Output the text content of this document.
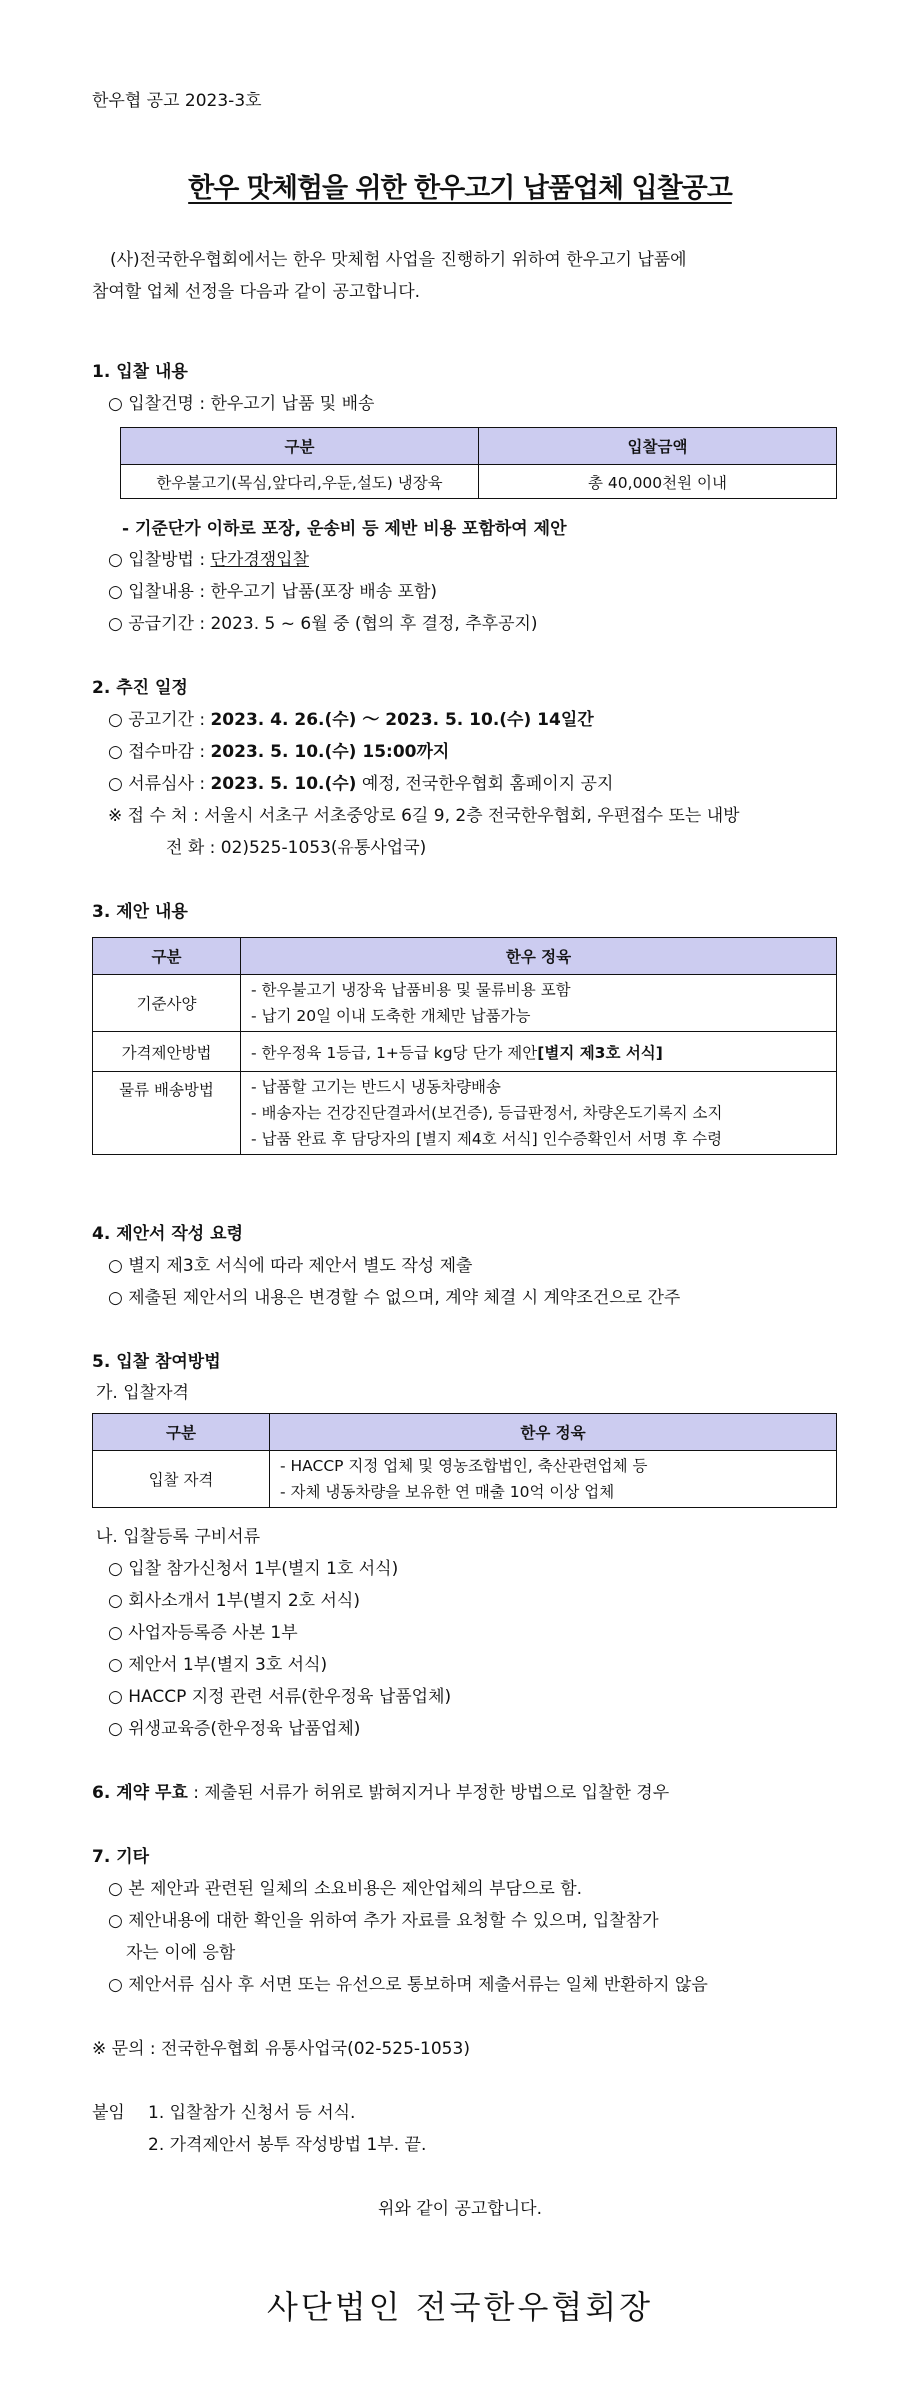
한우협 공고 2023-3호
한우 맛체험을 위한 한우고기 납품업체 입찰공고

(사)전국한우협회에서는 한우 맛체험 사업을 진행하기 위하여 한우고기 납품에

참여할 업체 선정을 다음과 같이 공고합니다.

1. 입찰 내용
○ 입찰건명 : 한우고기 납품 및 배송
구분	입찰금액
한우불고기(목심,앞다리,우둔,설도) 냉장육	총 40,000천원 이내
- 기준단가 이하로 포장, 운송비 등 제반 비용 포함하여 제안
○ 입찰방법 : 단가경쟁입찰
○ 입찰내용 : 한우고기 납품(포장 배송 포함)
○ 공급기간 : 2023. 5 ~ 6월 중 (협의 후 결정, 추후공지)
2. 추진 일정
○ 공고기간 : 2023. 4. 26.(수) ～ 2023. 5. 10.(수) 14일간
○ 접수마감 : 2023. 5. 10.(수) 15:00까지
○ 서류심사 : 2023. 5. 10.(수) 예정, 전국한우협회 홈페이지 공지
※ 접 수 처 : 서울시 서초구 서초중앙로 6길 9, 2층 전국한우협회, 우편접수 또는 내방
전 화 : 02)525-1053(유통사업국)
3. 제안 내용
구분	한우 정육
기준사양	- 한우불고기 냉장육 납품비용 및 물류비용 포함
- 납기 20일 이내 도축한 개체만 납품가능

가격제안방법	- 한우정육 1등급, 1+등급 kg당 단가 제안[별지 제3호 서식]
물류 배송방법	- 납품할 고기는 반드시 냉동차량배송
- 배송자는 건강진단결과서(보건증), 등급판정서, 차량온도기록지 소지
- 납품 완료 후 담당자의 [별지 제4호 서식] 인수증확인서 서명 후 수령
4. 제안서 작성 요령
○ 별지 제3호 서식에 따라 제안서 별도 작성 제출
○ 제출된 제안서의 내용은 변경할 수 없으며, 계약 체결 시 계약조건으로 간주
5. 입찰 참여방법
가. 입찰자격
구분	한우 정육
입찰 자격	- HACCP 지정 업체 및 영농조합법인, 축산관련업체 등
- 자체 냉동차량을 보유한 연 매출 10억 이상 업체
나. 입찰등록 구비서류
○ 입찰 참가신청서 1부(별지 1호 서식)
○ 회사소개서 1부(별지 2호 서식)
○ 사업자등록증 사본 1부
○ 제안서 1부(별지 3호 서식)
○ HACCP 지정 관련 서류(한우정육 납품업체)
○ 위생교육증(한우정육 납품업체)
6. 계약 무효 : 제출된 서류가 허위로 밝혀지거나 부정한 방법으로 입찰한 경우
7. 기타
○ 본 제안과 관련된 일체의 소요비용은 제안업체의 부담으로 함.
○ 제안내용에 대한 확인을 위하여 추가 자료를 요청할 수 있으며, 입찰참가
자는 이에 응함
○ 제안서류 심사 후 서면 또는 유선으로 통보하며 제출서류는 일체 반환하지 않음
※ 문의 : 전국한우협회 유통사업국(02-525-1053)
붙임 1. 입찰참가 신청서 등 서식.
2. 가격제안서 봉투 작성방법 1부. 끝.
위와 같이 공고합니다.
사단법인 전국한우협회장
